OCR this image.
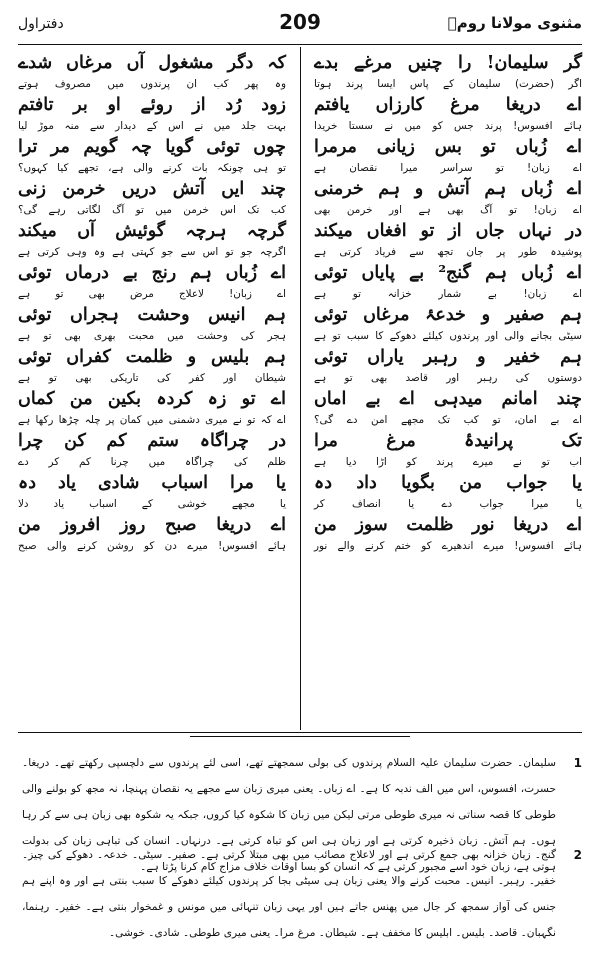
دفتراول	209	مثنوی مولانا رومؒ
گر سلیمان! را چنیں مرغے بدے
اگر (حضرت) سلیمان کے پاس ایسا پرند ہوتا
اے دریغا مرغ کارزاں یافتم
ہائے افسوس! پرند جس کو میں نے سستا خریدا
اے زُباں تو بس زیانی مرمرا
اے زبان! تو سراسر میرا نقصان ہے
اے زُباں ہم آتش و ہم خرمنی
اے زبان! تو آگ بھی ہے اور خرمن بھی
در نہاں جاں از تو افغاں میکند
پوشیدہ طور پر جان تجھ سے فریاد کرتی ہے
اے زُباں ہم گنج² بے پایاں توئی
اے زبان! بے شمار خزانہ تو ہے
ہم صفیر و خدعۂ مرغاں توئی
سیٹی بجانے والی اور پرندوں کیلئے دھوکے کا سبب تو ہے
ہم خفیر و رہبر یاراں توئی
دوستوں کی رہبر اور قاصد بھی تو ہے
چند امانم میدہی اے بے اماں
اے بے امان، تو کب تک مجھے امن دے گی؟
تک پرانیدۂ مرغ مرا
اب تو نے میرے پرند کو اڑا دیا ہے
یا جواب من بگویا داد دہ
یا میرا جواب دے یا انصاف کر
اے دریغا نور ظلمت سوز من
ہائے افسوس! میرے اندھیرے کو ختم کرنے والے نور
کہ دگر مشغول آں مرغاں شدے
وہ پھر کب ان پرندوں میں مصروف ہوتے
زود رُد از روئے او بر تافتم
بہت جلد میں نے اس کے دیدار سے منہ موڑ لیا
چوں توئی گویا چہ گویم مر ترا
تو ہی چونکہ بات کرنے والی ہے، تجھے کیا کہوں؟
چند ایں آتش دریں خرمن زنی
کب تک اس خرمن میں تو آگ لگاتی رہے گی؟
گرچہ ہرچہ گوئیش آں میکند
اگرچہ جو تو اس سے جو کہتی ہے وہ وہی کرتی ہے
اے زُباں ہم رنج بے درماں توئی
اے زبان! لاعلاج مرض بھی تو ہے
ہم انیس وحشت ہجراں توئی
ہجر کی وحشت میں محبت بھری بھی تو ہے
ہم بلیس و ظلمت کفراں توئی
شیطان اور کفر کی تاریکی بھی تو ہے
اے تو زہ کردہ بکین من کماں
اے کہ تو نے میری دشمنی میں کمان پر چلہ چڑھا رکھا ہے
در چراگاہ ستم کم کن چرا
ظلم کی چراگاہ میں چرنا کم کر دے
یا مرا اسباب شادی یاد دہ
یا مجھے خوشی کے اسباب یاد دلا
اے دریغا صبح روز افروز من
ہائے افسوس! میرے دن کو روشن کرنے والی صبح
1
سلیمان۔ حضرت سلیمان علیہ السلام پرندوں کی بولی سمجھتے تھے، اسی لئے پرندوں سے دلچسپی رکھتے تھے۔ دریغا۔ حسرت، افسوس، اس میں الف ندبہ کا ہے۔ اے زباں۔ یعنی میری زبان سے مجھے یہ نقصان پہنچا، نہ مجھ کو بولنے والی طوطی کا قصہ سناتی نہ میری طوطی مرتی لیکن میں زبان کا شکوہ کیا کروں، جبکہ یہ شکوہ بھی زبان ہی سے کر رہا ہوں۔ ہم آتش۔ زبان ذخیرہ کرتی ہے اور زبان ہی اس کو تباہ کرتی ہے۔ درنہاں۔ انسان کی تباہی زبان کی بدولت ہوتی ہے، زبان خود اسے مجبور کرتی ہے کہ انسان کو بسا اوقات خلاف مزاج کام کرنا پڑتا ہے۔
2
گنج۔ زبان خزانہ بھی جمع کرتی ہے اور لاعلاج مصائب میں بھی مبتلا کرتی ہے۔ صفیر۔ سیٹی۔ خدعہ۔ دھوکے کی چیز۔ خفیر۔ رہبر۔ انیس۔ محبت کرنے والا یعنی زبان ہی سیٹی بجا کر پرندوں کیلئے دھوکے کا سبب بنتی ہے اور وہ اپنے ہم جنس کی آواز سمجھ کر جال میں پھنس جاتے ہیں اور یہی زبان تنہائی میں مونس و غمخوار بنتی ہے۔ خفیر۔ رہنما، نگہبان۔ قاصد۔ بلیس۔ ابلیس کا مخفف ہے۔ شیطان۔ مرغ مرا۔ یعنی میری طوطی۔ شادی۔ خوشی۔
